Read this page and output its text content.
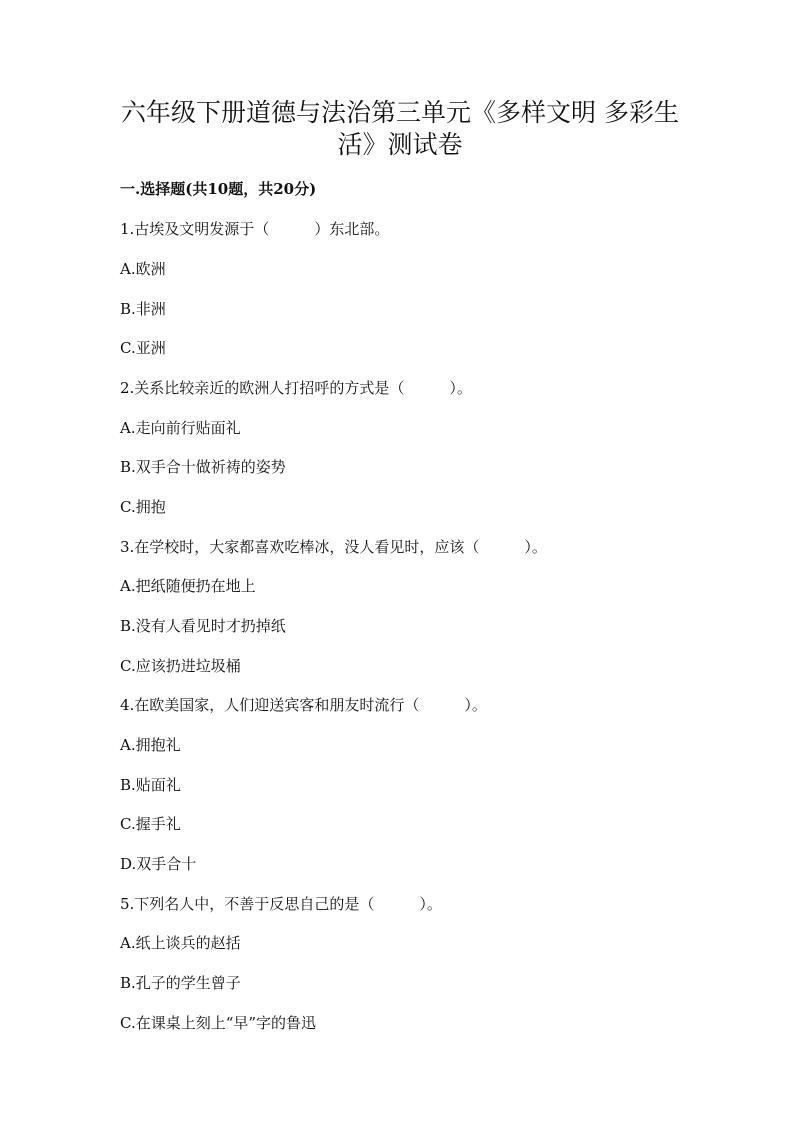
六年级下册道德与法治第三单元《多样文明 多彩生
活》测试卷

一.选择题(共10题，共20分)

1.古埃及文明发源于（　　　）东北部。

A.欧洲

B.非洲

C.亚洲

2.关系比较亲近的欧洲人打招呼的方式是（　　　）。

A.走向前行贴面礼

B.双手合十做祈祷的姿势

C.拥抱

3.在学校时，大家都喜欢吃棒冰，没人看见时，应该（　　　）。

A.把纸随便扔在地上

B.没有人看见时才扔掉纸

C.应该扔进垃圾桶

4.在欧美国家，人们迎送宾客和朋友时流行（　　　）。

A.拥抱礼

B.贴面礼

C.握手礼

D.双手合十

5.下列名人中，不善于反思自己的是（　　　）。

A.纸上谈兵的赵括

B.孔子的学生曾子

C.在课桌上刻上“早”字的鲁迅
